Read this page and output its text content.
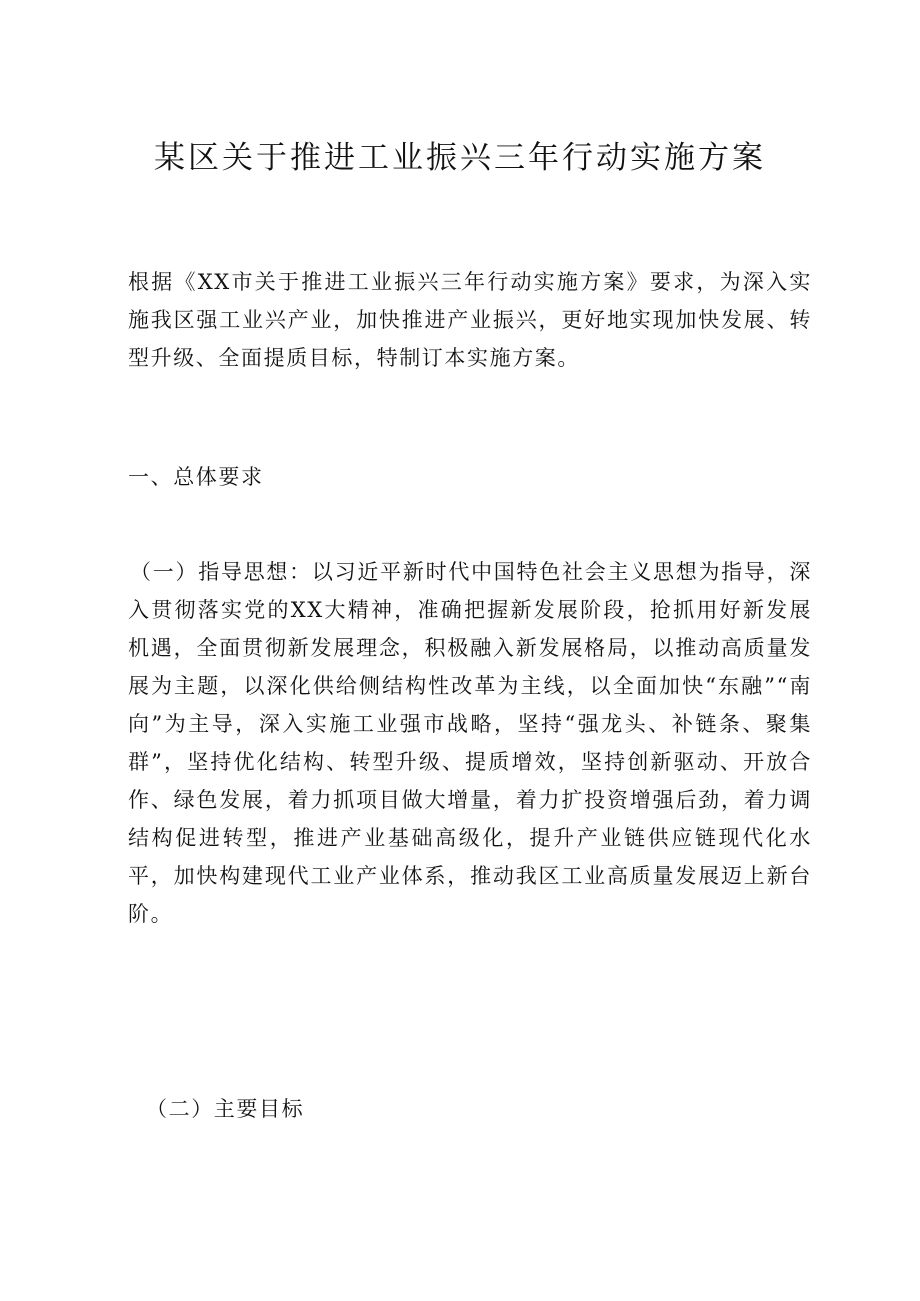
某区关于推进工业振兴三年行动实施方案

根据《XX市关于推进工业振兴三年行动实施方案》要求，为深入实施我区强工业兴产业，加快推进产业振兴，更好地实现加快发展、转型升级、全面提质目标，特制订本实施方案。

一、总体要求

（一）指导思想：以习近平新时代中国特色社会主义思想为指导，深入贯彻落实党的XX大精神，准确把握新发展阶段，抢抓用好新发展机遇，全面贯彻新发展理念，积极融入新发展格局，以推动高质量发展为主题，以深化供给侧结构性改革为主线，以全面加快“东融”“南向”为主导，深入实施工业强市战略，坚持“强龙头、补链条、聚集群”，坚持优化结构、转型升级、提质增效，坚持创新驱动、开放合作、绿色发展，着力抓项目做大增量，着力扩投资增强后劲，着力调结构促进转型，推进产业基础高级化，提升产业链供应链现代化水平，加快构建现代工业产业体系，推动我区工业高质量发展迈上新台阶。

（二）主要目标
